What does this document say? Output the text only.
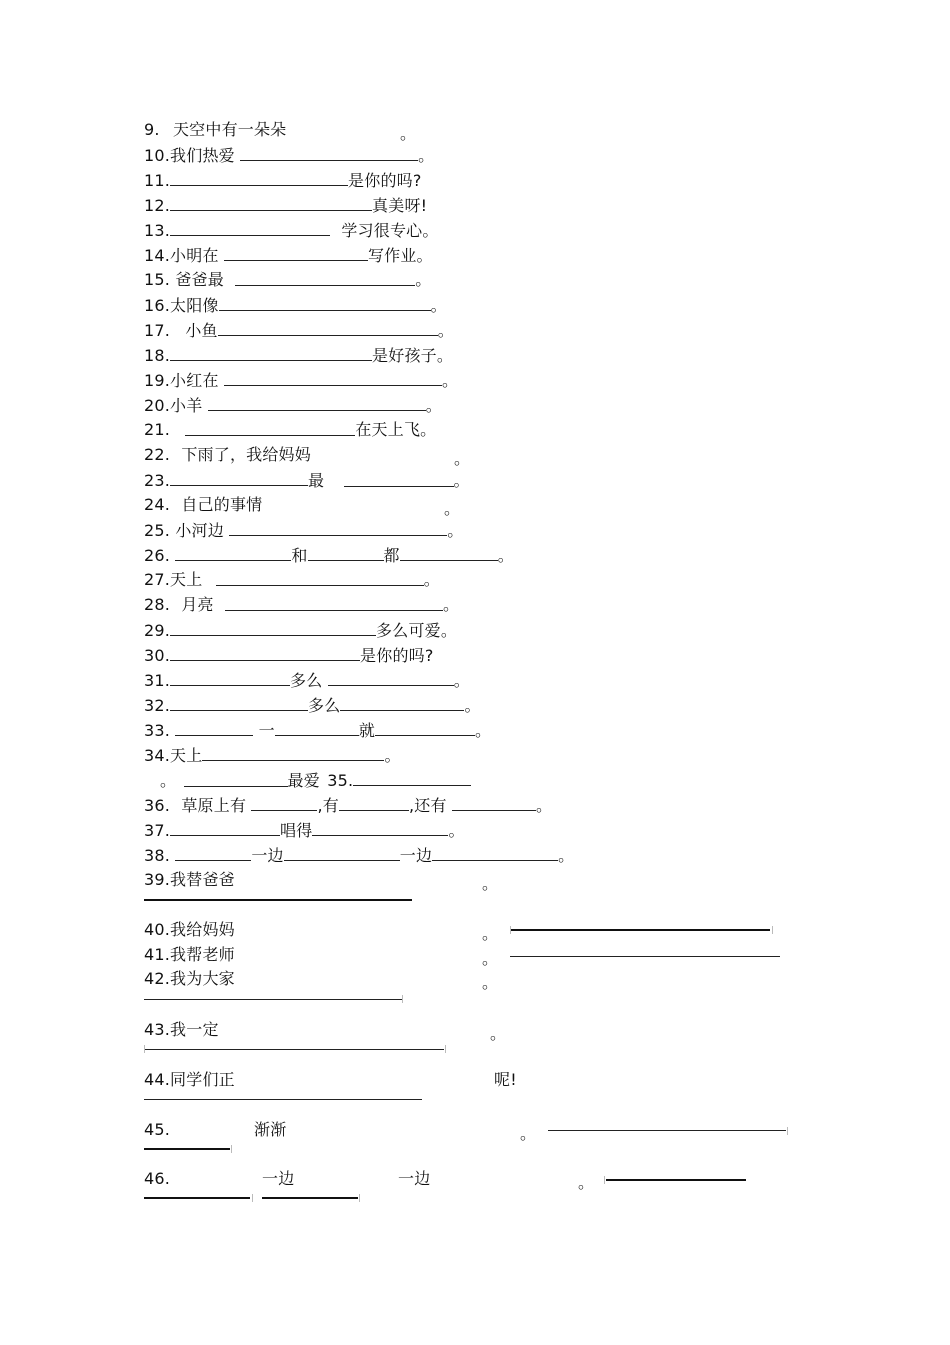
9. 天空中有一朵朵	。
10.我们热爱	。
11.	是你的吗?
12.	真美呀!
13.	学习很专心。
14.小明在	写作业。
15. 爸爸最	。
16.太阳像	。
17. 小鱼	。
18.	是好孩子。
19.小红在	。
20.小羊	。
21.	在天上飞。
22. 下雨了，我给妈妈	。
23.	最	。
24. 自己的事情	。
25. 小河边	。
26.	和	都	。
27.天上	。
28. 月亮	。
29.	多么可爱。
30.	是你的吗?
31.	多么	。
32.	多么	。
33.	一	就	。
34.天上	。
。	最爱 35.
36. 草原上有	,有	,还有	。
37.	唱得	。
38.	一边	一边	。
39.我替爸爸	。
40.我给妈妈	。
41.我帮老师	。
42.我为大家	。
43.我一定	。
44.同学们正	呢!
45.	渐渐	。
46.	一边	一边	。
